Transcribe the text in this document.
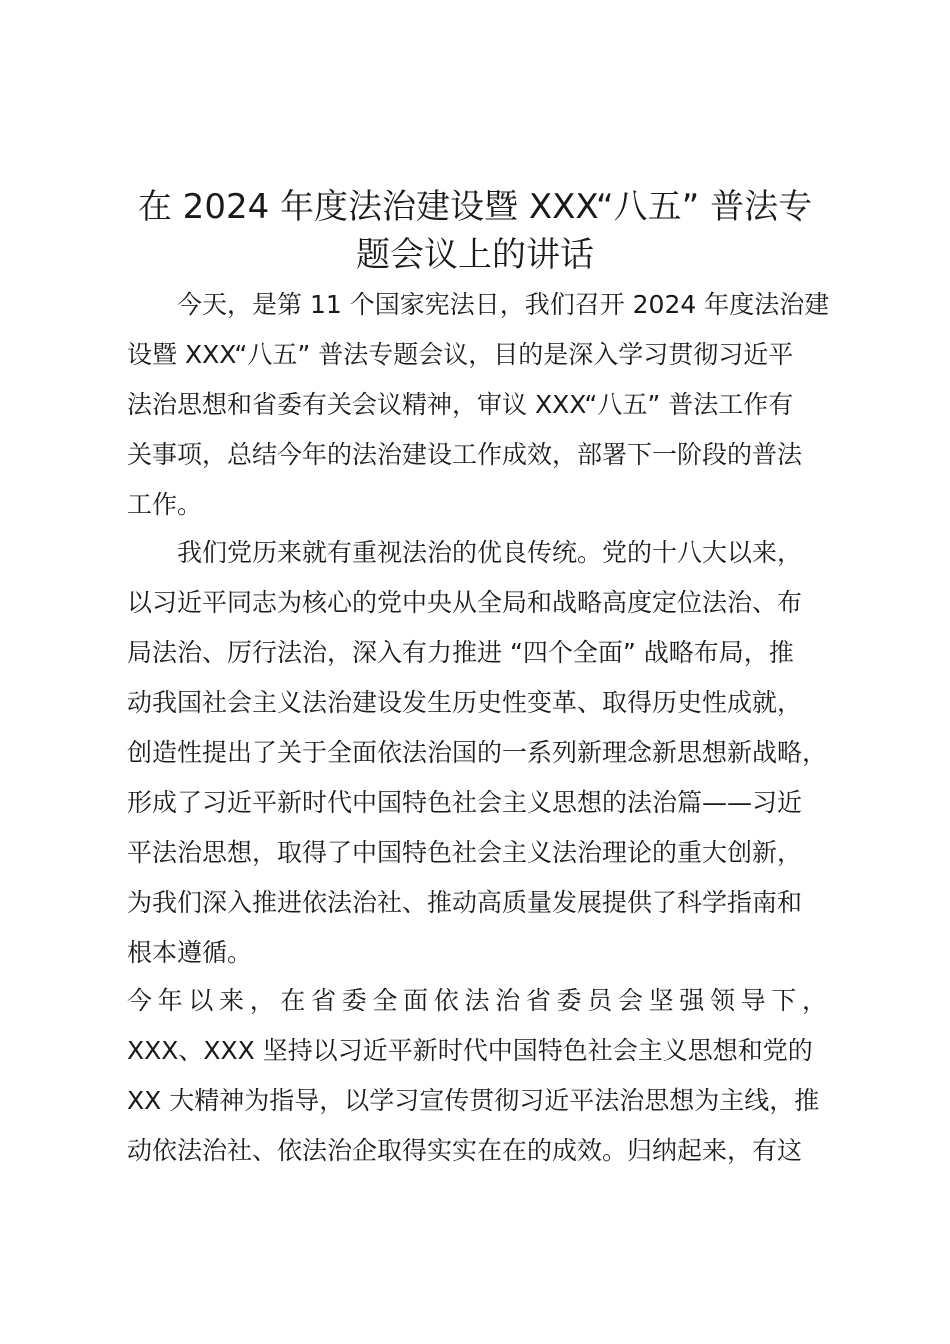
在 2024 年度法治建设暨 XXX“八五” 普法专
题会议上的讲话
今天，是第 11 个国家宪法日，我们召开 2024 年度法治建
设暨 XXX“八五” 普法专题会议，目的是深入学习贯彻习近平
法治思想和省委有关会议精神，审议 XXX“八五” 普法工作有
关事项，总结今年的法治建设工作成效，部署下一阶段的普法
工作。
我们党历来就有重视法治的优良传统。党的十八大以来，
以习近平同志为核心的党中央从全局和战略高度定位法治、布
局法治、厉行法治，深入有力推进 “四个全面” 战略布局，推
动我国社会主义法治建设发生历史性变革、取得历史性成就，
创造性提出了关于全面依法治国的一系列新理念新思想新战略，
形成了习近平新时代中国特色社会主义思想的法治篇——习近
平法治思想，取得了中国特色社会主义法治理论的重大创新，
为我们深入推进依法治社、推动高质量发展提供了科学指南和
根本遵循。
今年以来，在省委全面依法治省委员会坚强领导下，
XXX、XXX 坚持以习近平新时代中国特色社会主义思想和党的
XX 大精神为指导，以学习宣传贯彻习近平法治思想为主线，推
动依法治社、依法治企取得实实在在的成效。归纳起来，有这
